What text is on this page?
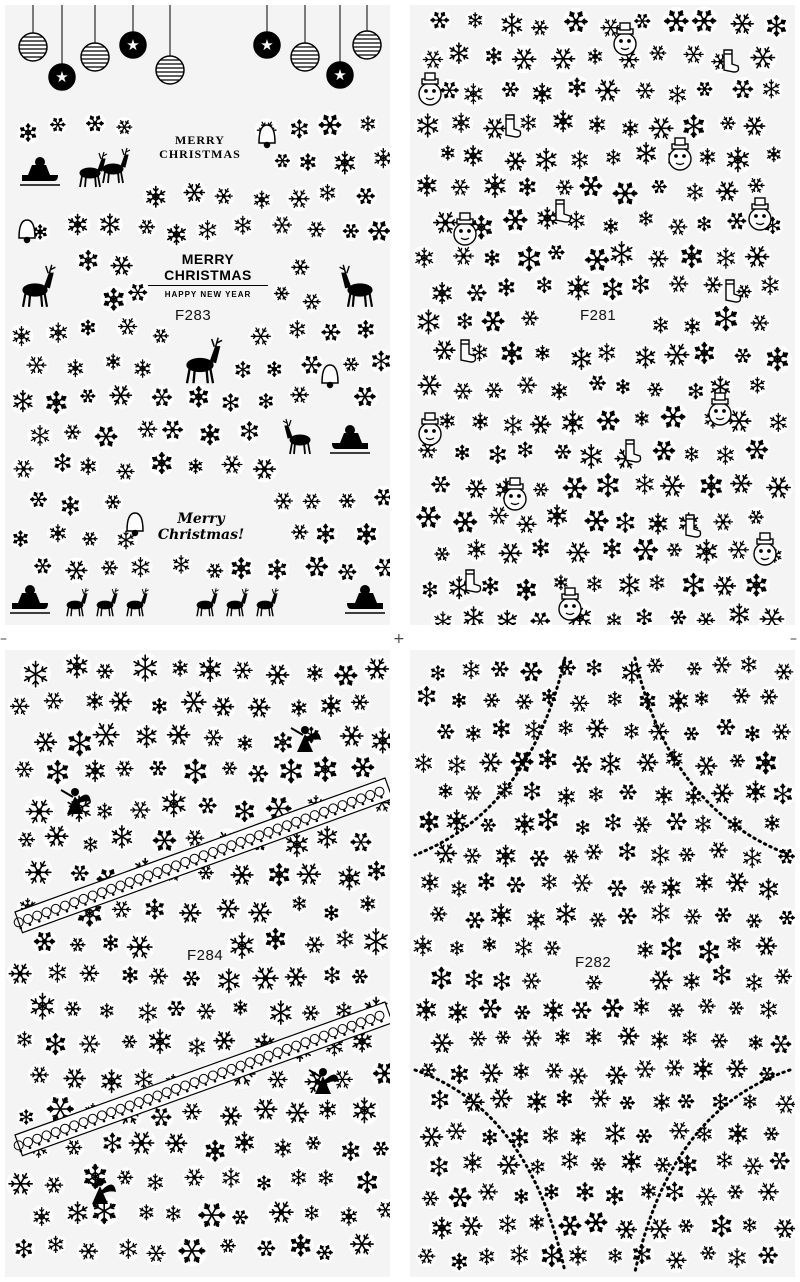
–	+	–
★	★
★
★
MERRY
CHRISTMAS
MERRY
CHRISTMAS
HAPPY NEW YEAR
Merry
Christmas!
F283	F281
F284	F282
